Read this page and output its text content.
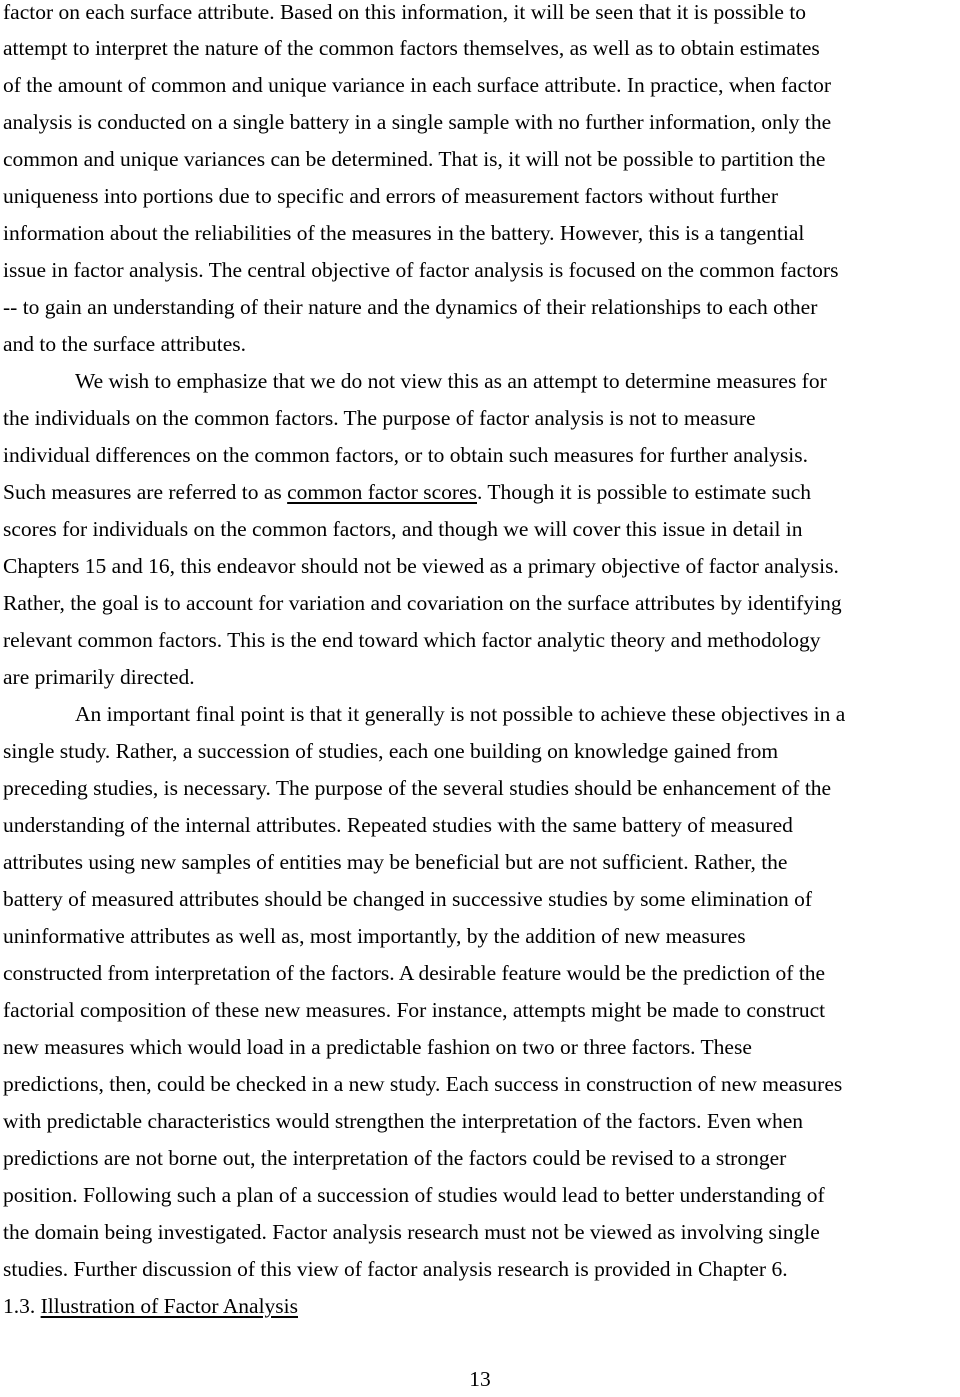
factor on each surface attribute. Based on this information, it will be seen that it is possible to
attempt to interpret the nature of the common factors themselves, as well as to obtain estimates
of the amount of common and unique variance in each surface attribute. In practice, when factor
analysis is conducted on a single battery in a single sample with no further information, only the
common and unique variances can be determined. That is, it will not be possible to partition the
uniqueness into portions due to specific and errors of measurement factors without further
information about the reliabilities of the measures in the battery. However, this is a tangential
issue in factor analysis. The central objective of factor analysis is focused on the common factors
-- to gain an understanding of their nature and the dynamics of their relationships to each other
and to the surface attributes.
We wish to emphasize that we do not view this as an attempt to determine measures for
the individuals on the common factors. The purpose of factor analysis is not to measure
individual differences on the common factors, or to obtain such measures for further analysis.
Such measures are referred to as common factor scores. Though it is possible to estimate such
scores for individuals on the common factors, and though we will cover this issue in detail in
Chapters 15 and 16, this endeavor should not be viewed as a primary objective of factor analysis.
Rather, the goal is to account for variation and covariation on the surface attributes by identifying
relevant common factors. This is the end toward which factor analytic theory and methodology
are primarily directed.
An important final point is that it generally is not possible to achieve these objectives in a
single study. Rather, a succession of studies, each one building on knowledge gained from
preceding studies, is necessary. The purpose of the several studies should be enhancement of the
understanding of the internal attributes. Repeated studies with the same battery of measured
attributes using new samples of entities may be beneficial but are not sufficient. Rather, the
battery of measured attributes should be changed in successive studies by some elimination of
uninformative attributes as well as, most importantly, by the addition of new measures
constructed from interpretation of the factors. A desirable feature would be the prediction of the
factorial composition of these new measures. For instance, attempts might be made to construct
new measures which would load in a predictable fashion on two or three factors. These
predictions, then, could be checked in a new study. Each success in construction of new measures
with predictable characteristics would strengthen the interpretation of the factors. Even when
predictions are not borne out, the interpretation of the factors could be revised to a stronger
position. Following such a plan of a succession of studies would lead to better understanding of
the domain being investigated. Factor analysis research must not be viewed as involving single
studies. Further discussion of this view of factor analysis research is provided in Chapter 6.
1.3. Illustration of Factor Analysis
13
